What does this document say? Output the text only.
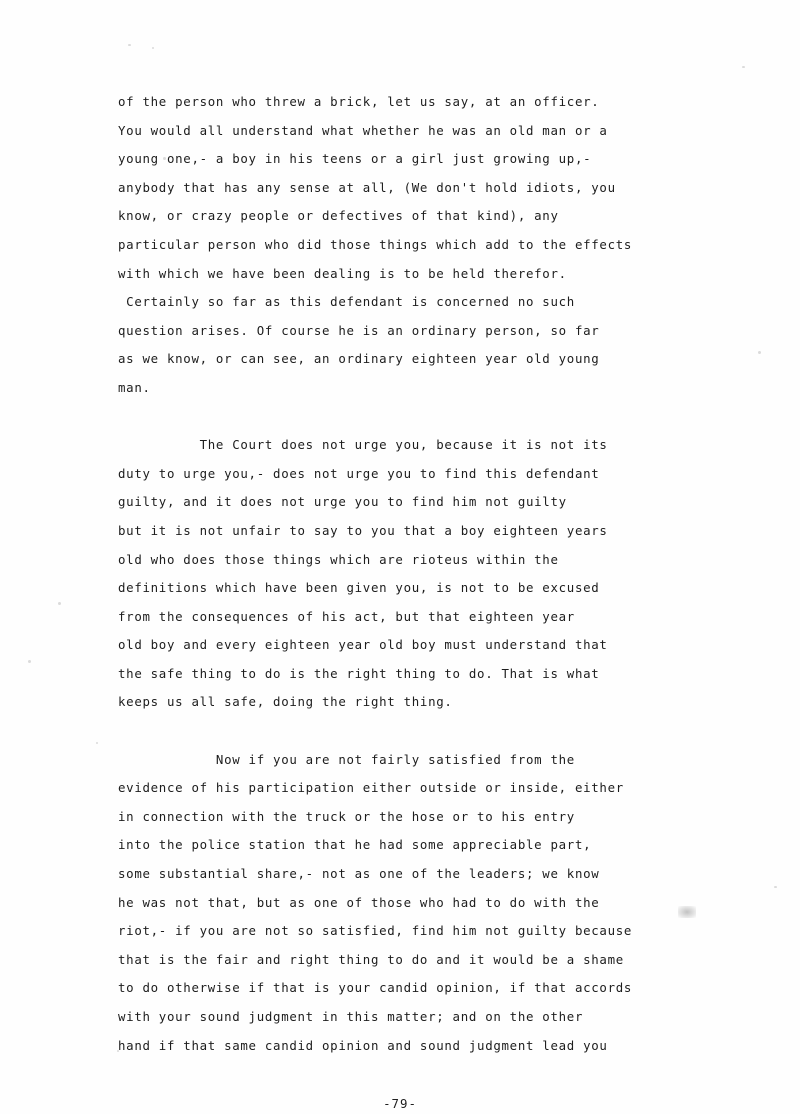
of the person who threw a brick, let us say, at an officer.
You would all understand what whether he was an old man or a
young one,- a boy in his teens or a girl just growing up,-
anybody that has any sense at all, (We don't hold idiots, you
know, or crazy people or defectives of that kind), any
particular person who did those things which add to the effects
with which we have been dealing is to be held therefor.
Certainly so far as this defendant is concerned no such
question arises. Of course he is an ordinary person, so far
as we know, or can see, an ordinary eighteen year old young
man.
The Court does not urge you, because it is not its
duty to urge you,- does not urge you to find this defendant
guilty, and it does not urge you to find him not guilty
but it is not unfair to say to you that a boy eighteen years
old who does those things which are rioteus within the
definitions which have been given you, is not to be excused
from the consequences of his act, but that eighteen year
old boy and every eighteen year old boy must understand that
the safe thing to do is the right thing to do. That is what
keeps us all safe, doing the right thing.
Now if you are not fairly satisfied from the
evidence of his participation either outside or inside, either
in connection with the truck or the hose or to his entry
into the police station that he had some appreciable part,
some substantial share,- not as one of the leaders; we know
he was not that, but as one of those who had to do with the
riot,- if you are not so satisfied, find him not guilty because
that is the fair and right thing to do and it would be a shame
to do otherwise if that is your candid opinion, if that accords
with your sound judgment in this matter; and on the other
hand if that same candid opinion and sound judgment lead you
-79-
